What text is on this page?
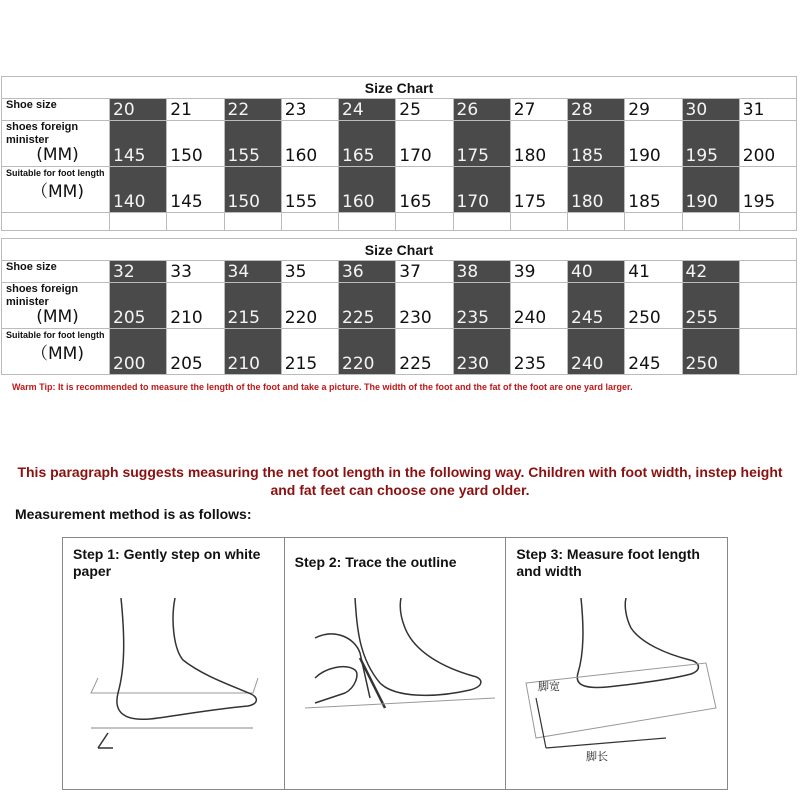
Size Chart
Shoe size	20	21	22	23	24	25	26	27	28	29	30	31
shoes foreign minister
(MM)	145	150	155	160	165	170	175	180	185	190	195	200
Suitable for foot length
（MM)	140	145	150	155	160	165	170	175	180	185	190	195

Size Chart
Shoe size	32	33	34	35	36	37	38	39	40	41	42	
shoes foreign minister
(MM)	205	210	215	220	225	230	235	240	245	250	255	
Suitable for foot length
（MM)	200	205	210	215	220	225	230	235	240	245	250	
Warm Tip: It is recommended to measure the length of the foot and take a picture. The width of the foot and the fat of the foot are one yard larger.
This paragraph suggests measuring the net foot length in the following way. Children with foot width, instep height and fat feet can choose one yard older.
Measurement method is as follows:
Step 1: Gently step on white paper
Step 2: Trace the outline	Step 3: Measure foot length and width
脚宽
脚长
